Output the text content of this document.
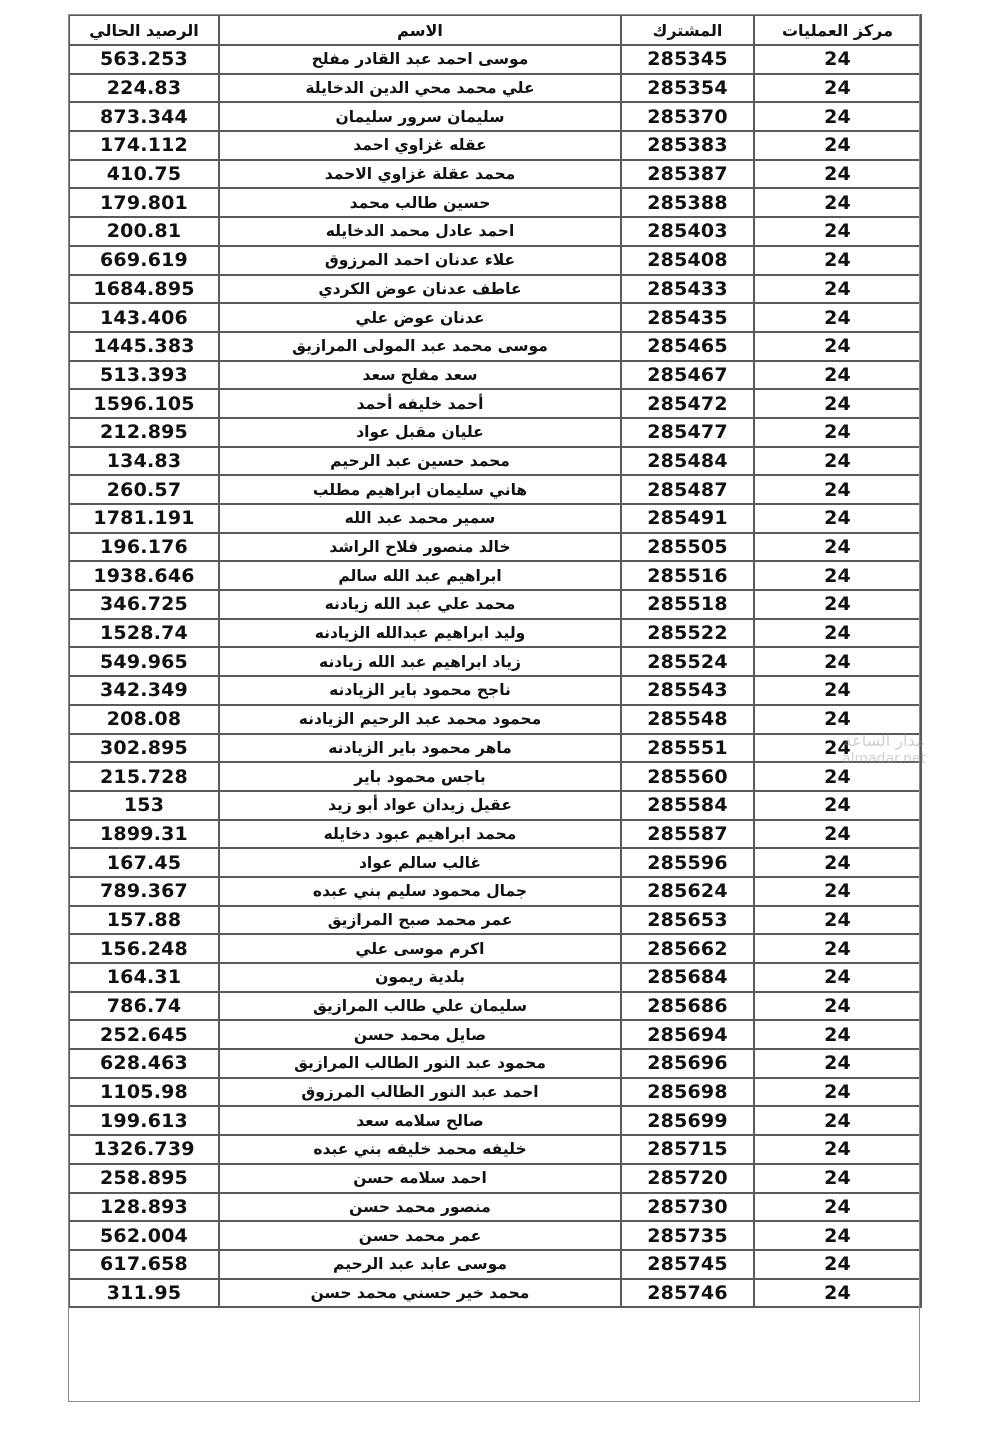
الرصيد الحالي	الاسم	المشترك	مركز العمليات
563.253	موسى احمد عبد القادر مفلح	285345	24
224.83	علي محمد محي الدين الدخايلة	285354	24
873.344	سليمان سرور سليمان	285370	24
174.112	عقله غزاوي احمد	285383	24
410.75	محمد عقلة غزاوي الاحمد	285387	24
179.801	حسين طالب محمد	285388	24
200.81	احمد عادل محمد الدخايله	285403	24
669.619	علاء عدنان احمد المرزوق	285408	24
1684.895	عاطف عدنان عوض الكردي	285433	24
143.406	عدنان عوض علي	285435	24
1445.383	موسى محمد عبد المولى المرازيق	285465	24
513.393	سعد مفلح سعد	285467	24
1596.105	أحمد خليفه أحمد	285472	24
212.895	عليان مقبل عواد	285477	24
134.83	محمد حسين عبد الرحيم	285484	24
260.57	هاني سليمان ابراهيم مطلب	285487	24
1781.191	سمير محمد عبد الله	285491	24
196.176	خالد منصور فلاح الراشد	285505	24
1938.646	ابراهيم عبد الله سالم	285516	24
346.725	محمد علي عبد الله زيادنه	285518	24
1528.74	وليد ابراهيم عبدالله الزيادنه	285522	24
549.965	زياد ابراهيم عبد الله زيادنه	285524	24
342.349	ناجح محمود باير الزيادنه	285543	24
208.08	محمود محمد عبد الرحيم الزيادنه	285548	24
302.895	ماهر محمود باير الزيادنه	285551	24
215.728	باجس محمود باير	285560	24
153	عقيل زيدان عواد أبو زيد	285584	24
1899.31	محمد ابراهيم عبود دخايله	285587	24
167.45	غالب سالم عواد	285596	24
789.367	جمال محمود سليم بني عبده	285624	24
157.88	عمر محمد صبح المرازيق	285653	24
156.248	اكرم موسى علي	285662	24
164.31	بلدية ريمون	285684	24
786.74	سليمان علي طالب المرازيق	285686	24
252.645	صايل محمد حسن	285694	24
628.463	محمود عبد النور الطالب المرازيق	285696	24
1105.98	احمد عبد النور الطالب المرزوق	285698	24
199.613	صالح سلامه سعد	285699	24
1326.739	خليفه محمد خليفه بني عبده	285715	24
258.895	احمد سلامه حسن	285720	24
128.893	منصور محمد حسن	285730	24
562.004	عمر محمد حسن	285735	24
617.658	موسى عابد عبد الرحيم	285745	24
311.95	محمد خير حسني محمد حسن	285746	24
مدار الساعة
almadar.net
